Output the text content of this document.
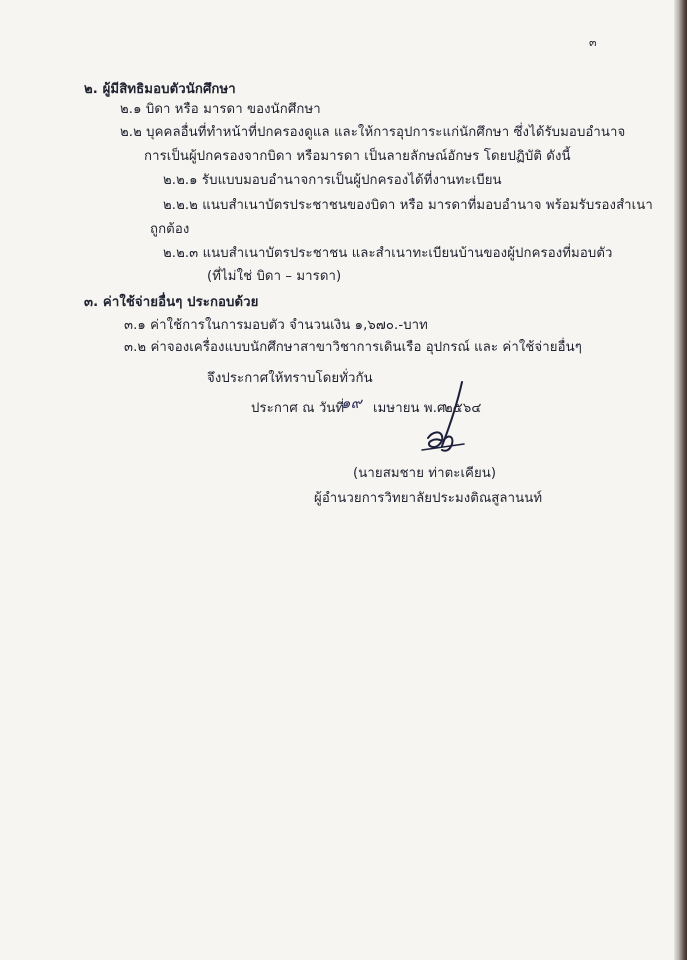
๓
๒. ผู้มีสิทธิมอบตัวนักศึกษา
๒.๑ บิดา หรือ มารดา ของนักศึกษา
๒.๒ บุคคลอื่นที่ทำหน้าที่ปกครองดูแล และให้การอุปการะแก่นักศึกษา ซึ่งได้รับมอบอำนาจ
การเป็นผู้ปกครองจากบิดา หรือมารดา เป็นลายลักษณ์อักษร โดยปฏิบัติ ดังนี้
๒.๒.๑ รับแบบมอบอำนาจการเป็นผู้ปกครองได้ที่งานทะเบียน
๒.๒.๒ แนบสำเนาบัตรประชาชนของบิดา หรือ มารดาที่มอบอำนาจ พร้อมรับรองสำเนา
ถูกต้อง
๒.๒.๓ แนบสำเนาบัตรประชาชน และสำเนาทะเบียนบ้านของผู้ปกครองที่มอบตัว
(ที่ไม่ใช่ บิดา – มารดา)
๓. ค่าใช้จ่ายอื่นๆ ประกอบด้วย
๓.๑ ค่าใช้การในการมอบตัว จำนวนเงิน ๑,๖๗๐.-บาท
๓.๒ ค่าจองเครื่องแบบนักศึกษาสาขาวิชาการเดินเรือ อุปกรณ์ และ ค่าใช้จ่ายอื่นๆ
จึงประกาศให้ทราบโดยทั่วกัน
ประกาศ ณ วันที่
๑๙ เมษายน พ.ศ.
๒๕๖๔
(นายสมชาย ท่าตะเคียน)
ผู้อำนวยการวิทยาลัยประมงติณสูลานนท์
